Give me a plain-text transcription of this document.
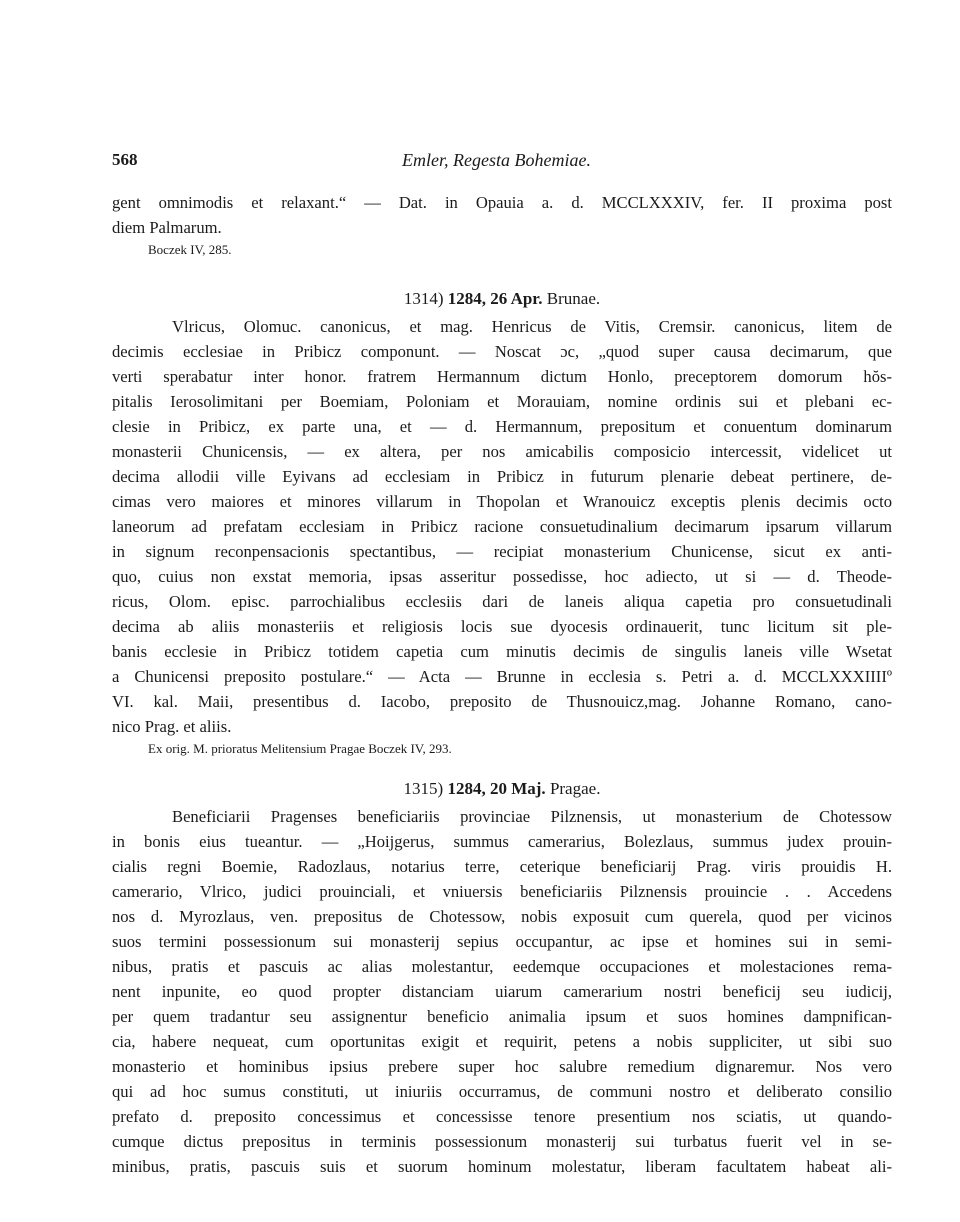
568	Emler, Regesta Bohemiae.
gent omnimodis et relaxant.“ — Dat. in Opauia a. d. MCCLXXXIV, fer. II proxima post
diem Palmarum.
Boczek IV, 285.
1314) 1284, 26 Apr. Brunae.
Vlricus, Olomuc. canonicus, et mag. Henricus de Vitis, Cremsir. canonicus, litem de
decimis ecclesiae in Pribicz componunt. — Noscat ɔc, „quod super causa decimarum, que
verti sperabatur inter honor. fratrem Hermannum dictum Honlo, preceptorem domorum hŏs-
pitalis Ierosolimitani per Boemiam, Poloniam et Morauiam, nomine ordinis sui et plebani ec-
clesie in Pribicz, ex parte una, et — d. Hermannum, prepositum et conuentum dominarum
monasterii Chunicensis, — ex altera, per nos amicabilis composicio intercessit, videlicet ut
decima allodii ville Eyivans ad ecclesiam in Pribicz in futurum plenarie debeat pertinere, de-
cimas vero maiores et minores villarum in Thopolan et Wranouicz exceptis plenis decimis octo
laneorum ad prefatam ecclesiam in Pribicz racione consuetudinalium decimarum ipsarum villarum
in signum reconpensacionis spectantibus, — recipiat monasterium Chunicense, sicut ex anti-
quo, cuius non exstat memoria, ipsas asseritur possedisse, hoc adiecto, ut si — d. Theode-
ricus, Olom. episc. parrochialibus ecclesiis dari de laneis aliqua capetia pro consuetudinali
decima ab aliis monasteriis et religiosis locis sue dyocesis ordinauerit, tunc licitum sit ple-
banis ecclesie in Pribicz totidem capetia cum minutis decimis de singulis laneis ville Wsetat
a Chunicensi preposito postulare.“ — Acta — Brunne in ecclesia s. Petri a. d. MCCLXXXIIIIº
VI. kal. Maii, presentibus d. Iacobo, preposito de Thusnouicz,mag. Johanne Romano, cano-
nico Prag. et aliis.
Ex orig. M. prioratus Melitensium Pragae Boczek IV, 293.
1315) 1284, 20 Maj. Pragae.
Beneficiarii Pragenses beneficiariis provinciae Pilznensis, ut monasterium de Chotessow
in bonis eius tueantur. — „Hoijgerus, summus camerarius, Bolezlaus, summus judex prouin-
cialis regni Boemie, Radozlaus, notarius terre, ceterique beneficiarij Prag. viris prouidis H.
camerario, Vlrico, judici prouinciali, et vniuersis beneficiariis Pilznensis prouincie . . Accedens
nos d. Myrozlaus, ven. prepositus de Chotessow, nobis exposuit cum querela, quod per vicinos
suos termini possessionum sui monasterij sepius occupantur, ac ipse et homines sui in semi-
nibus, pratis et pascuis ac alias molestantur, eedemque occupaciones et molestaciones rema-
nent inpunite, eo quod propter distanciam uiarum camerarium nostri beneficij seu iudicij,
per quem tradantur seu assignentur beneficio animalia ipsum et suos homines dampnifican-
cia, habere nequeat, cum oportunitas exigit et requirit, petens a nobis suppliciter, ut sibi suo
monasterio et hominibus ipsius prebere super hoc salubre remedium dignaremur. Nos vero
qui ad hoc sumus constituti, ut iniuriis occurramus, de communi nostro et deliberato consilio
prefato d. preposito concessimus et concessisse tenore presentium nos sciatis, ut quando-
cumque dictus prepositus in terminis possessionum monasterij sui turbatus fuerit vel in se-
minibus, pratis, pascuis suis et suorum hominum molestatur, liberam facultatem habeat ali-
